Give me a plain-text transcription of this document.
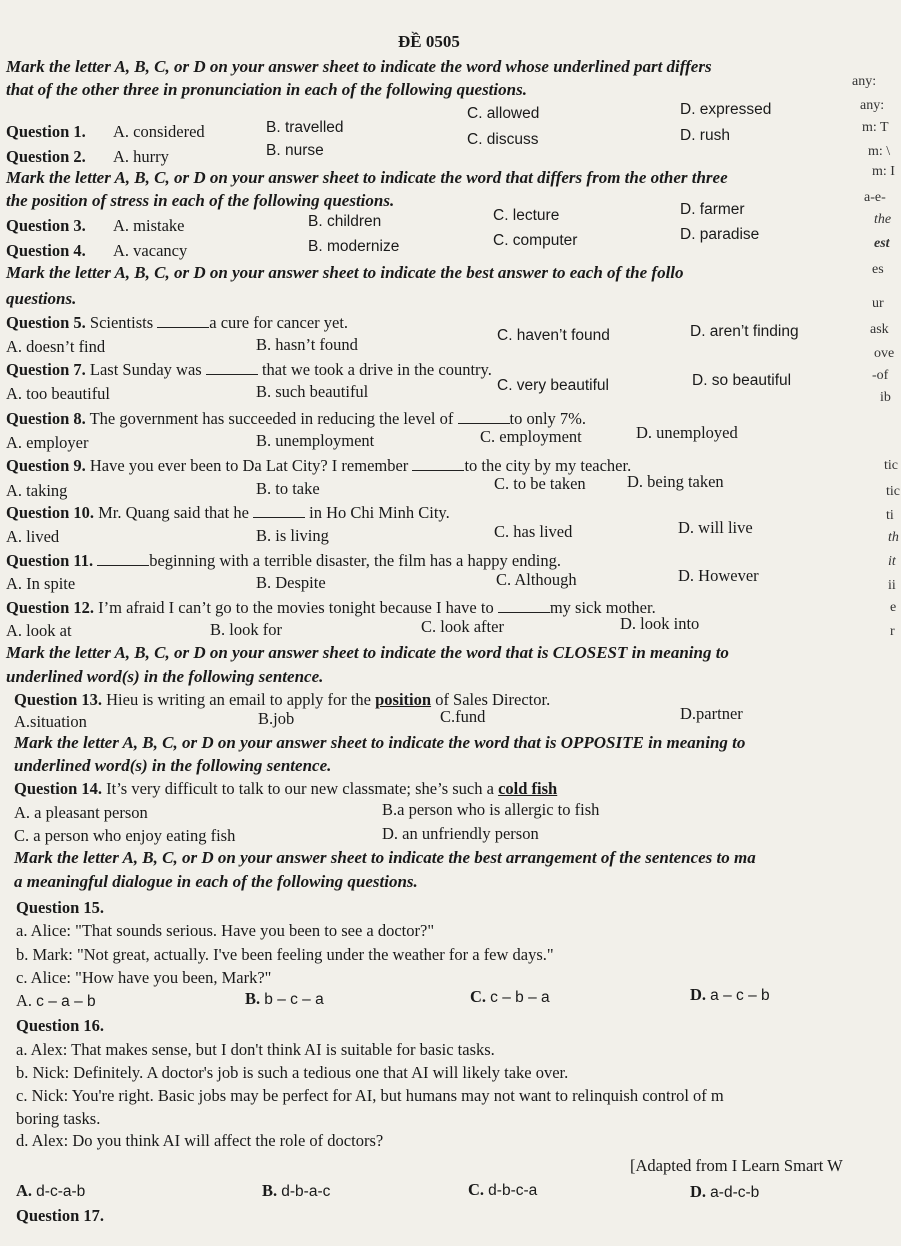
ĐỀ 0505
Mark the letter A, B, C, or D on your answer sheet to indicate the word whose underlined part differs
that of the other three in pronunciation in each of the following questions.
Question 1. A. considered	B. travelled
C. allowed	D. expressed
Question 2. A. hurry	B. nurse
C. discuss	D. rush
Mark the letter A, B, C, or D on your answer sheet to indicate the word that differs from the other three
the position of stress in each of the following questions.
Question 3. A. mistake	B. children	C. lecture	D. farmer
Question 4. A. vacancy	B. modernize	C. computer	D. paradise
Mark the letter A, B, C, or D on your answer sheet to indicate the best answer to each of the follo
questions.
Question 5. Scientists	a cure for cancer yet.
A. doesn’t find	B. hasn’t found	C. haven’t found	D. aren’t finding
Question 7. Last Sunday was	that we took a drive in the country.
A. too beautiful	B. such beautiful	C. very beautiful	D. so beautiful
Question 8. The government has succeeded in reducing the level of	to only 7%.
A. employer	B. unemployment	C. employment	D. unemployed
Question 9. Have you ever been to Da Lat City? I remember	to the city by my teacher.
A. taking	B. to take	C. to be taken	D. being taken
Question 10. Mr. Quang said that he	in Ho Chi Minh City.
A. lived	B. is living	C. has lived	D. will live
Question 11.	beginning with a terrible disaster, the film has a happy ending.
A. In spite	B. Despite	C. Although	D. However
Question 12. I’m afraid I can’t go to the movies tonight because I have to	my sick mother.
A. look at	B. look for	C. look after	D. look into
Mark the letter A, B, C, or D on your answer sheet to indicate the word that is CLOSEST in meaning to
underlined word(s) in the following sentence.
Question 13. Hieu is writing an email to apply for the position of Sales Director.
A.situation	B.job	C.fund	D.partner
Mark the letter A, B, C, or D on your answer sheet to indicate the word that is OPPOSITE in meaning to
underlined word(s) in the following sentence.
Question 14. It’s very difficult to talk to our new classmate; she’s such a cold fish
A. a pleasant person	B.a person who is allergic to fish
C. a person who enjoy eating fish	D. an unfriendly person
Mark the letter A, B, C, or D on your answer sheet to indicate the best arrangement of the sentences to ma
a meaningful dialogue in each of the following questions.
Question 15.
a. Alice: "That sounds serious. Have you been to see a doctor?"
b. Mark: "Not great, actually. I've been feeling under the weather for a few days."
c. Alice: "How have you been, Mark?"
A. c – a – b	B. b – c – a	C. c – b – a	D. a – c – b
Question 16.
a. Alex: That makes sense, but I don't think AI is suitable for basic tasks.
b. Nick: Definitely. A doctor's job is such a tedious one that AI will likely take over.
c. Nick: You're right. Basic jobs may be perfect for AI, but humans may not want to relinquish control of m
boring tasks.
d. Alex: Do you think AI will affect the role of doctors?
[Adapted from I Learn Smart W
A. d-c-a-b	B. d-b-a-c	C. d-b-c-a	D. a-d-c-b
Question 17.
any:
any:
m: T
m: \
m: I
a-e-
the
est
es
ur
ask
ove
-of
ib
tic
tic
ti
th
it
ii
e
r
